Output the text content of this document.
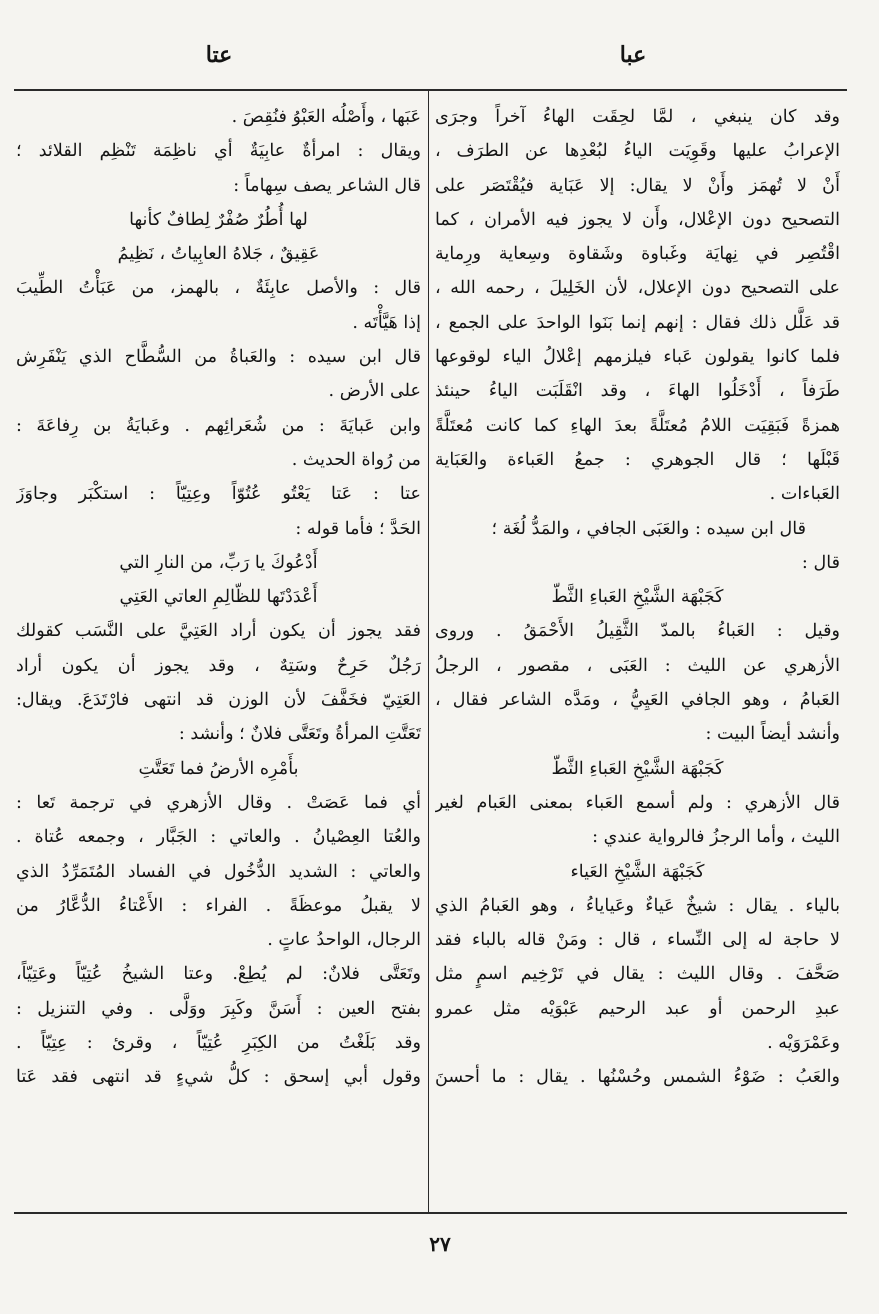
عبا
عتا
وقد كان ينبغي ، لمَّا لحِقَت الهاءُ آخراً وجرَى
الإعرابُ عليها وقَوِيَت الياءُ لبُعْدِها عن الطرَف ،
أَنْ لا تُهمَز وأَنْ لا يقال: إلا عَبَاية فيُقْتَصَر على
التصحيح دون الإعْلال، وأَن لا يجوز فيه الأمران ، كما
اقْتُصِر في نِهايَة وغَباوة وشَقاوة وسِعاية ورِماية
على التصحيح دون الإعلال، لأن الخَلِيلَ ، رحمه الله ،
قد عَلَّل ذلك فقال : إنهم إنما بَنَوا الواحدَ على الجمع ،
فلما كانوا يقولون عَباء فيلزمهم إعْلالُ الياء لوقوعها
طَرَفاً ، أَدْخَلُوا الهاءَ ، وقد انْقَلَبَت الياءُ حينئذ
همزةً فَبَقِيَت اللامُ مُعتَلَّةً بعدَ الهاءِ كما كانت مُعتَلَّةً
قَبْلَها ؛ قال الجوهري : جمعُ العَباءة والعَبَاية
العَباءات .
قال ابن سيده : والعَبَى الجافي ، والمَدُّ لُغَة ؛
قال :
كَجَبْهَة الشَّيْخِ العَباءِ الثَّطّ
وقيل : العَباءُ بالمدّ الثَّقِيلُ الأَحْمَقُ . وروى
الأزهري عن الليث : العَبَى ، مقصور ، الرجلُ
العَبامُ ، وهو الجافي العَيِيُّ ، ومَدَّه الشاعر فقال ،
وأنشد أيضاً البيت :
كَجَبْهَة الشَّيْخِ العَباءِ الثَّطّ
قال الأزهري : ولم أسمع العَباء بمعنى العَبام لغير
الليث ، وأما الرجزُ فالرواية عندي :
كَجَبْهَة الشَّيْخِ العَياء
بالياء . يقال : شيخٌ عَياءٌ وعَياياءُ ، وهو العَبامُ الذي
لا حاجة له إلى النِّساء ، قال : ومَنْ قاله بالباء فقد
صَحَّفَ . وقال الليث : يقال في تَرْخِيم اسمٍ مثل
عبدِ الرحمن أو عبد الرحيم عَبْوَيْه مثل عمرو
وعَمْرَوَيْه .
والعَبُ : ضَوْءُ الشمس وحُسْنُها . يقال : ما أحسنَ
عَبَها ، وأَصْلُه العَبْوُ فنُقِصَ .
ويقال : امرأةٌ عابِيَةٌ أي ناظِمَة تَنْظِم القلائد ؛
قال الشاعر يصف سِهاماً :
لها أُطُرٌ صُفْرٌ لِطافٌ كأنها
عَقِيقٌ ، جَلاهُ العابِياتُ ، نَظِيمُ
قال : والأصل عابِئَةٌ ، بالهمز، من عَبَأْتُ الطِّيبَ
إذا هَيَّأْتَه .
قال ابن سيده : والعَباةُ من السُّطَّاح الذي يَنْفَرِش
على الأرض .
وابن عَبايَةَ : من شُعَرائِهم . وعَبايَةُ بن رِفاعَةَ :
من رُواة الحديث .
عتا : عَتا يَعْتُو عُتُوّاً وعِتِيّاً : استكْبَر وجاوَزَ
الحَدَّ ؛ فأما قوله :
أَدْعُوكَ يا رَبِّ، من النارِ التي
أَعْدَدْتَها للظّالِمِ العاتي العَتِي
فقد يجوز أن يكون أراد العَتِيَّ على النَّسَب كقولك
رَجُلٌ حَرِحٌ وسَتِهٌ ، وقد يجوز أن يكون أراد
العَتِيّ فخَفَّفَ لأن الوزن قد انتهى فارْتَدَعَ. ويقال:
تَعَتَّتِ المرأةُ وتَعَتَّى فلانٌ ؛ وأنشد :
بأَمْرِه الأرضُ فما تَعَتَّتِ
أي فما عَصَتْ . وقال الأزهري في ترجمة تَعا :
والعُتا العِصْيانُ . والعاتي : الجَبَّار ، وجمعه عُتاة .
والعاتي : الشديد الدُّخُول في الفساد المُتَمَرِّدُ الذي
لا يقبلُ موعظَةً . الفراء : الأَعْتاءُ الدُّعَّارُ من
الرجال، الواحدُ عاتٍ .
وتَعَتَّى فلانٌ: لم يُطِعْ. وعتا الشيخُ عُتِيّاً وعَتِيّاً،
بفتح العين : أَسَنَّ وكَبِرَ ووَلَّى . وفي التنزيل :
وقد بَلَغْتُ من الكِبَرِ عُتِيّاً ، وقرئ : عِتِيّاً .
وقول أبي إسحق : كلُّ شيءٍ قد انتهى فقد عَتا
٢٧
